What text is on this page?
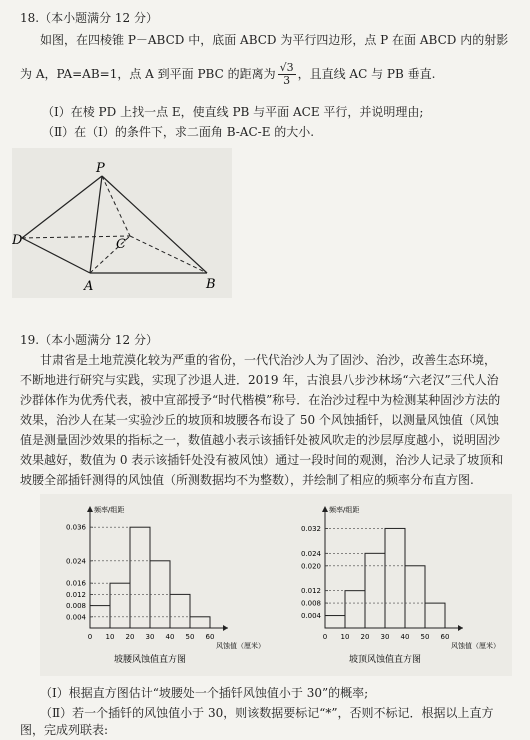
18.（本小题满分 12 分）
如图，在四棱锥 P－ABCD 中，底面 ABCD 为平行四边形，点 P 在面 ABCD 内的射影
为 A，PA=AB=1，点 A 到平面 PBC 的距离为 $\frac{√3}{3}$ ，且直线 AC 与 PB 垂直.
（Ⅰ）在棱 PD 上找一点 E，使直线 PB 与平面 ACE 平行，并说明理由;
（Ⅱ）在（Ⅰ）的条件下，求二面角 B-AC-E 的大小.
P
D	C
A	B
19.（本小题满分 12 分）
甘肃省是土地荒漠化较为严重的省份，一代代治沙人为了固沙、治沙，改善生态环境，
不断地进行研究与实践，实现了沙退人进．2019 年，古浪县八步沙林场“六老汉”三代人治
沙群体作为优秀代表，被中宣部授予“时代楷模”称号．在治沙过程中为检测某种固沙方法的
效果，治沙人在某一实验沙丘的坡顶和坡腰各布设了 50 个风蚀插钎，以测量风蚀值（风蚀
值是测量固沙效果的指标之一，数值越小表示该插钎处被风吹走的沙层厚度越小，说明固沙
效果越好，数值为 0 表示该插钎处没有被风蚀）通过一段时间的观测，治沙人记录了坡顶和
坡腰全部插钎测得的风蚀值（所测数据均不为整数），并绘制了相应的频率分布直方图.
频率/组距
风蚀值（厘米）
0.004
0.008
0.012
0.016
0.024
0.036
0 10 20 30 40 50 60
坡腰风蚀值直方图
频率/组距
风蚀值（厘米）
0.004
0.008
0.012
0.020
0.024
0.032
0 10 20 30 40 50 60
坡顶风蚀值直方图
（Ⅰ）根据直方图估计“坡腰处一个插钎风蚀值小于 30”的概率;
（Ⅱ）若一个插钎的风蚀值小于 30，则该数据要标记“*”，否则不标记．根据以上直方
图，完成列联表:
